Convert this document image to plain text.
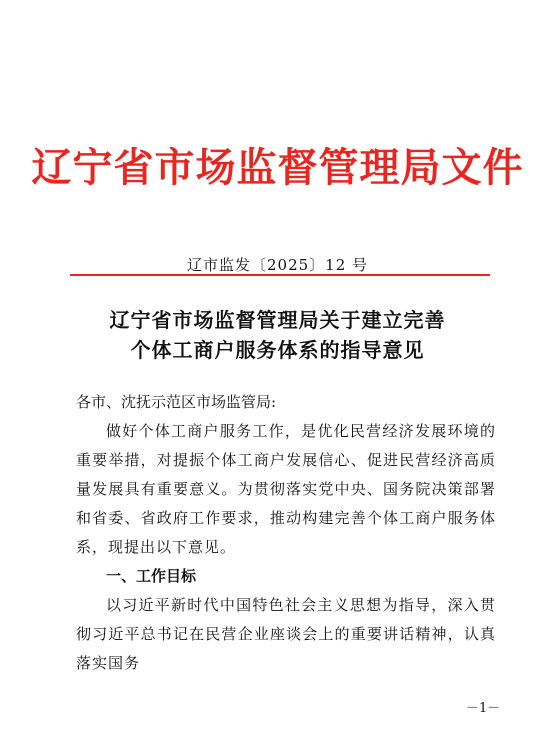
辽宁省市场监督管理局文件
辽市监发〔2025〕12 号
辽宁省市场监督管理局关于建立完善
个体工商户服务体系的指导意见

各市、沈抚示范区市场监管局:

做好个体工商户服务工作，是优化民营经济发展环境的重要举措，对提振个体工商户发展信心、促进民营经济高质量发展具有重要意义。为贯彻落实党中央、国务院决策部署和省委、省政府工作要求，推动构建完善个体工商户服务体系，现提出以下意见。

一、工作目标

以习近平新时代中国特色社会主义思想为指导，深入贯彻习近平总书记在民营企业座谈会上的重要讲话精神，认真落实国务

－1－
